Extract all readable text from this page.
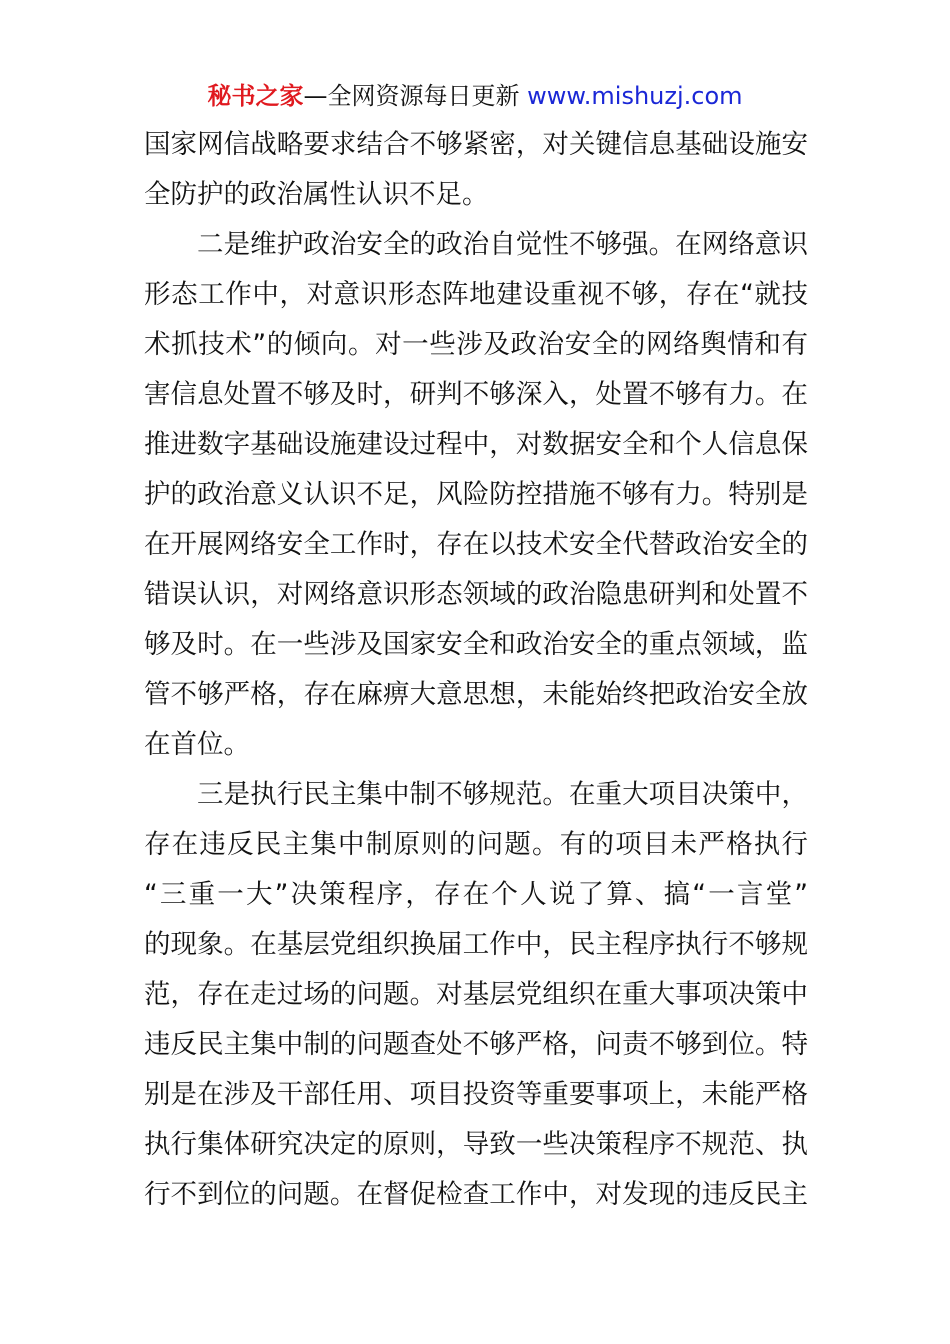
秘书之家—全网资源每日更新 www.mishuzj.com
国家网信战略要求结合不够紧密，对关键信息基础设施安
全防护的政治属性认识不足。
二是维护政治安全的政治自觉性不够强。在网络意识
形态工作中，对意识形态阵地建设重视不够，存在“就技
术抓技术”的倾向。对一些涉及政治安全的网络舆情和有
害信息处置不够及时，研判不够深入，处置不够有力。在
推进数字基础设施建设过程中，对数据安全和个人信息保
护的政治意义认识不足，风险防控措施不够有力。特别是
在开展网络安全工作时，存在以技术安全代替政治安全的
错误认识，对网络意识形态领域的政治隐患研判和处置不
够及时。在一些涉及国家安全和政治安全的重点领域，监
管不够严格，存在麻痹大意思想，未能始终把政治安全放
在首位。
三是执行民主集中制不够规范。在重大项目决策中，
存在违反民主集中制原则的问题。有的项目未严格执行
“三重一大”决策程序，存在个人说了算、搞“一言堂”
的现象。在基层党组织换届工作中，民主程序执行不够规
范，存在走过场的问题。对基层党组织在重大事项决策中
违反民主集中制的问题查处不够严格，问责不够到位。特
别是在涉及干部任用、项目投资等重要事项上，未能严格
执行集体研究决定的原则，导致一些决策程序不规范、执
行不到位的问题。在督促检查工作中，对发现的违反民主
